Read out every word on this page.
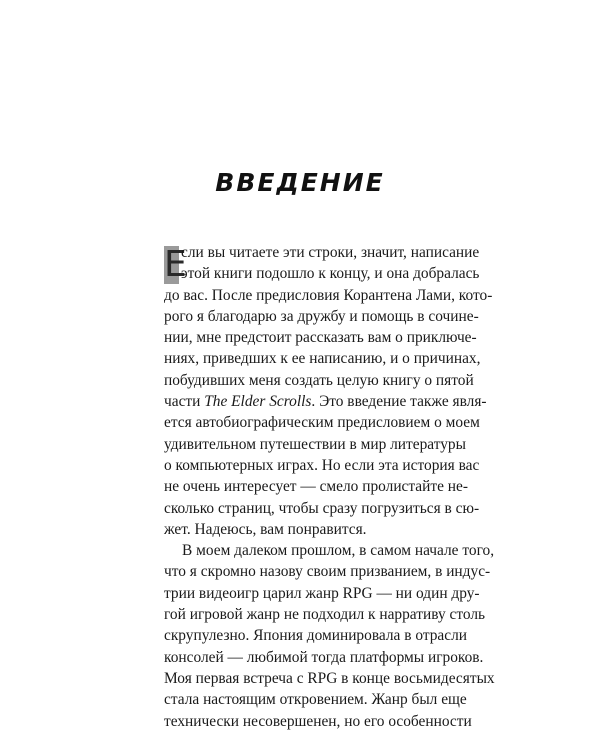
ВВЕДЕНИЕ
Е
сли вы читаете эти строки, значит, написание
этой книги подошло к концу, и она добралась
до вас. После предисловия Корантена Лами, кото-
рого я благодарю за дружбу и помощь в сочине-
нии, мне предстоит рассказать вам о приключе-
ниях, приведших к ее написанию, и о причинах,
побудивших меня создать целую книгу о пятой
части The Elder Scrolls. Это введение также явля-
ется автобиографическим предисловием о моем
удивительном путешествии в мир литературы
о компьютерных играх. Но если эта история вас
не очень интересует — смело пролистайте не-
сколько страниц, чтобы сразу погрузиться в сю-
жет. Надеюсь, вам понравится.
В моем далеком прошлом, в самом начале того,
что я скромно назову своим призванием, в индус-
трии видеоигр царил жанр RPG — ни один дру-
гой игровой жанр не подходил к нарративу столь
скрупулезно. Япония доминировала в отрасли
консолей — любимой тогда платформы игроков.
Моя первая встреча с RPG в конце восьмидесятых
стала настоящим откровением. Жанр был еще
технически несовершенен, но его особенности
